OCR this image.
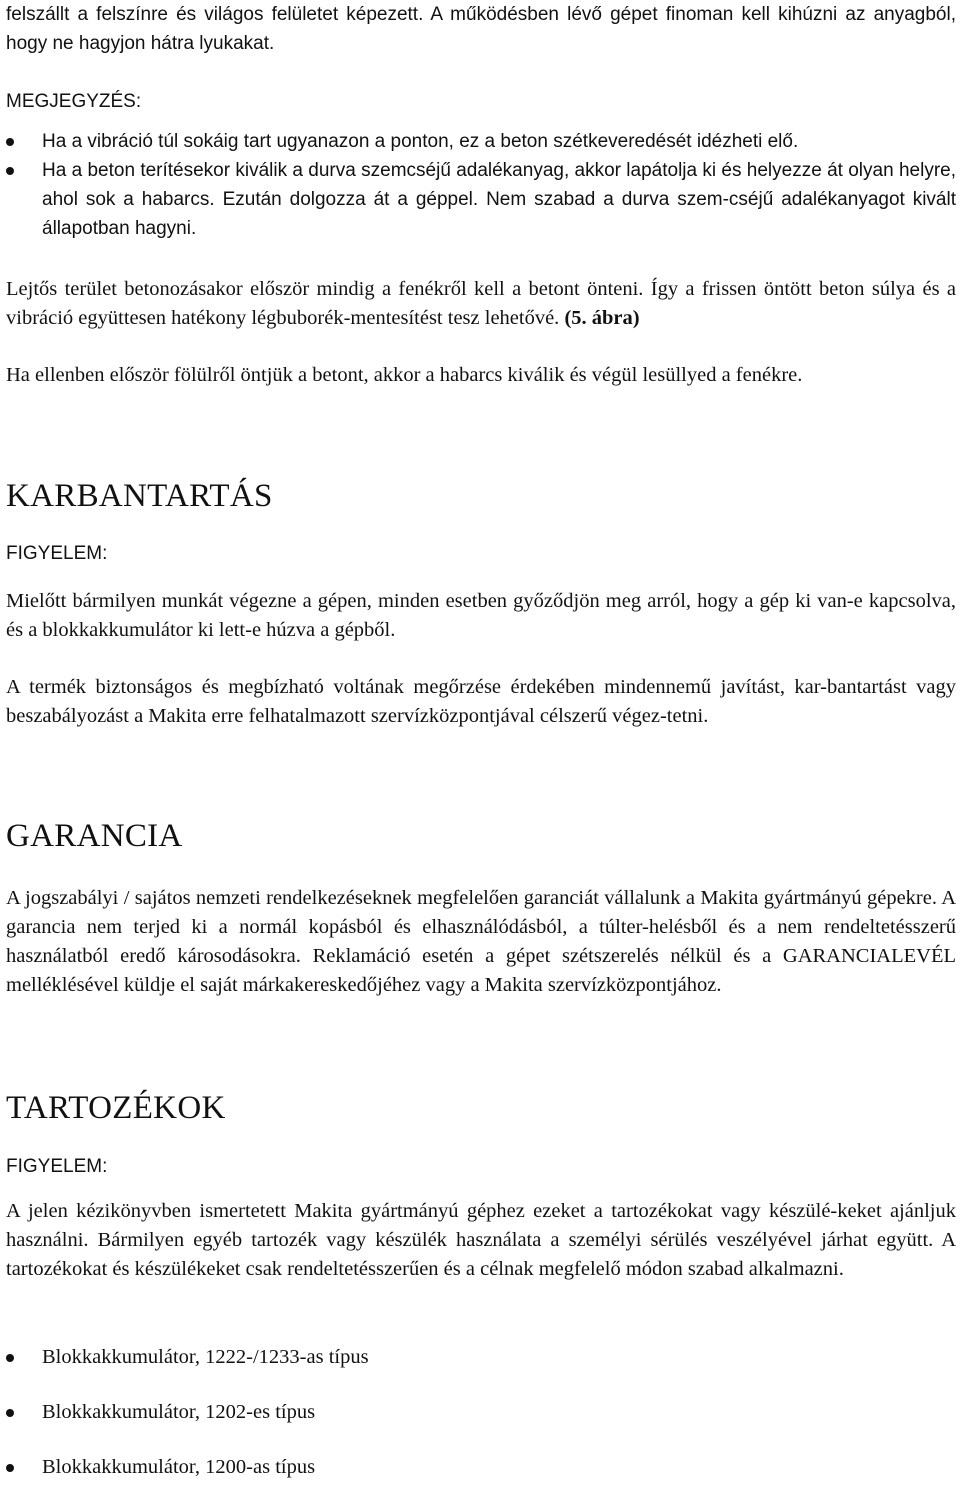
felszállt a felszínre és világos felületet képezett. A működésben lévő gépet finoman kell kihúzni az anyagból, hogy ne hagyjon hátra lyukakat.

MEGJEGYZÉS:
Ha a vibráció túl sokáig tart ugyanazon a ponton, ez a beton szétkeveredését idézheti elő.
Ha a beton terítésekor kiválik a durva szemcséjű adalékanyag, akkor lapátolja ki és helyezze át olyan helyre, ahol sok a habarcs. Ezután dolgozza át a géppel. Nem szabad a durva szem-cséjű adalékanyagot kivált állapotban hagyni.

Lejtős terület betonozásakor először mindig a fenékről kell a betont önteni. Így a frissen öntött beton súlya és a vibráció együttesen hatékony légbuborék-mentesítést tesz lehetővé. (5. ábra)

Ha ellenben először fölülről öntjük a betont, akkor a habarcs kiválik és végül lesüllyed a fenékre.

KARBANTARTÁS
FIGYELEM:

Mielőtt bármilyen munkát végezne a gépen, minden esetben győződjön meg arról, hogy a gép ki van-e kapcsolva, és a blokkakkumulátor ki lett-e húzva a gépből.

A termék biztonságos és megbízható voltának megőrzése érdekében mindennemű javítást, kar-bantartást vagy beszabályozást a Makita erre felhatalmazott szervízközpontjával célszerű végez-tetni.

GARANCIA

A jogszabályi / sajátos nemzeti rendelkezéseknek megfelelően garanciát vállalunk a Makita gyártmányú gépekre. A garancia nem terjed ki a normál kopásból és elhasználódásból, a túlter-helésből és a nem rendeltetésszerű használatból eredő károsodásokra. Reklamáció esetén a gépet szétszerelés nélkül és a GARANCIALEVÉL melléklésével küldje el saját márkakereskedőjéhez vagy a Makita szervízközpontjához.

TARTOZÉKOK
FIGYELEM:

A jelen kézikönyvben ismertetett Makita gyártmányú géphez ezeket a tartozékokat vagy készülé-keket ajánljuk használni. Bármilyen egyéb tartozék vagy készülék használata a személyi sérülés veszélyével járhat együtt. A tartozékokat és készülékeket csak rendeltetésszerűen és a célnak megfelelő módon szabad alkalmazni.

Blokkakkumulátor, 1222-/1233-as típus
Blokkakkumulátor, 1202-es típus
Blokkakkumulátor, 1200-as típus
